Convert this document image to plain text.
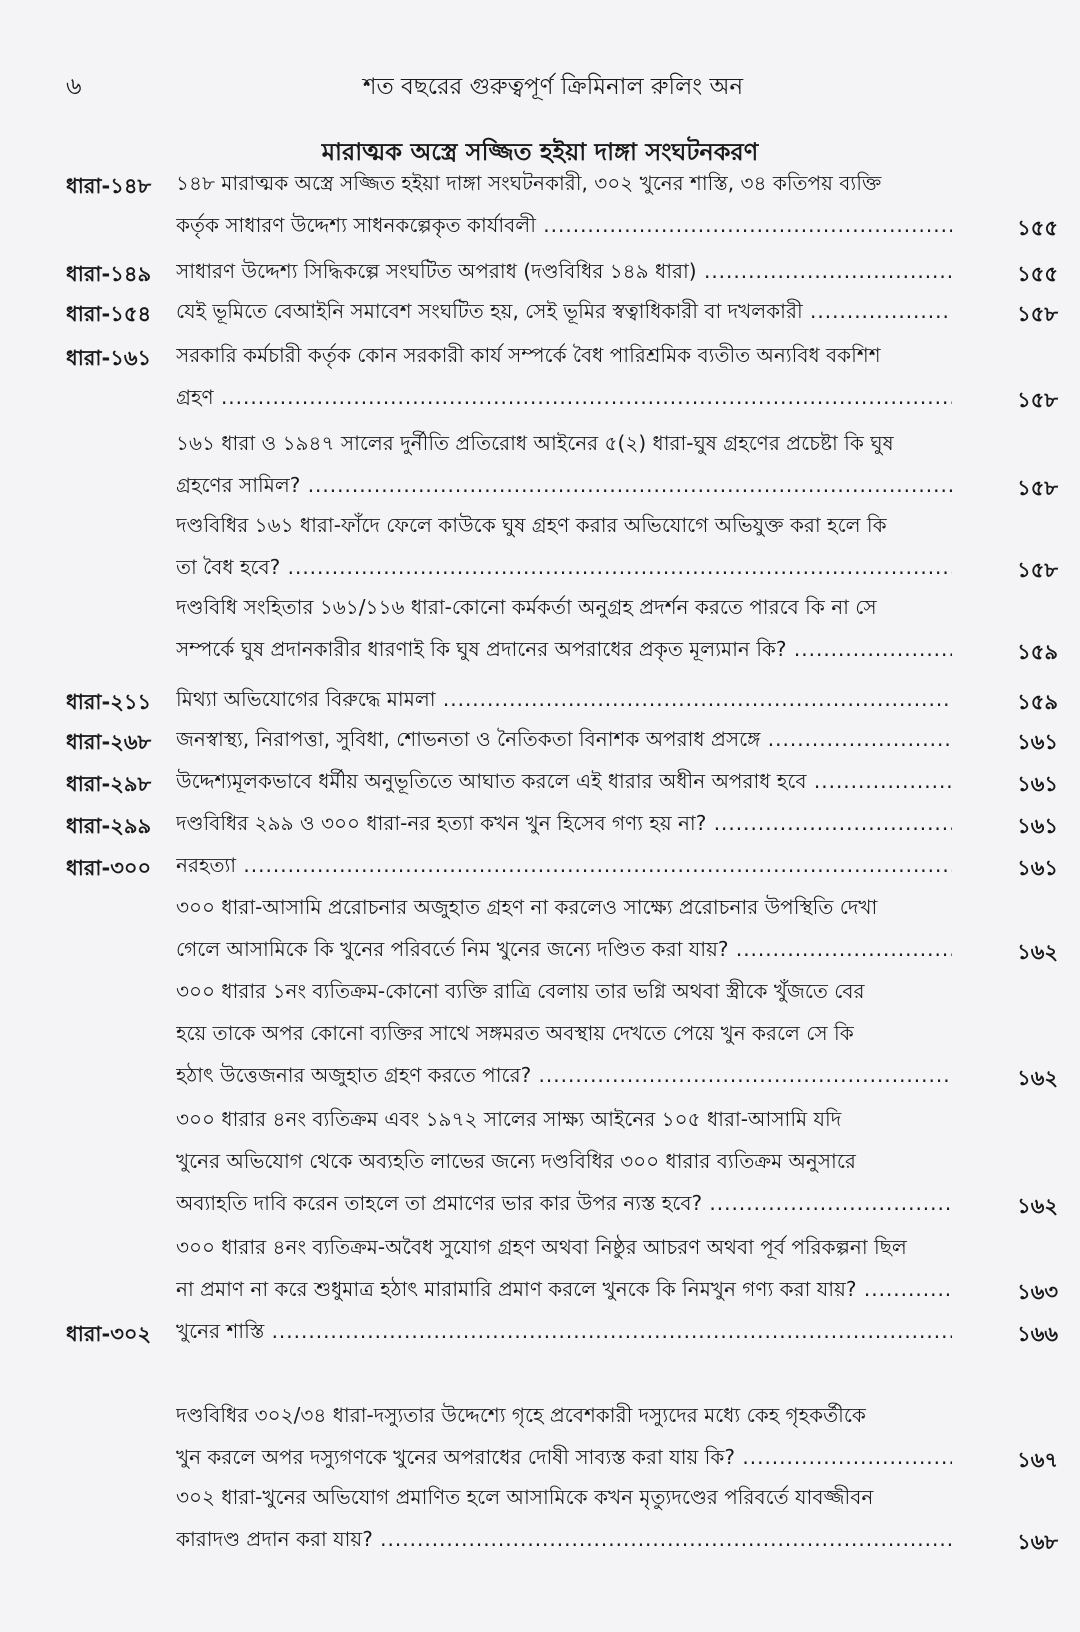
৬	শত বছরের গুরুত্বপূর্ণ ক্রিমিনাল রুলিং অন
মারাত্মক অস্ত্রে সজ্জিত হইয়া দাঙ্গা সংঘটনকরণ
ধারা-১৪৮	১৪৮ মারাত্মক অস্ত্রে সজ্জিত হইয়া দাঙ্গা সংঘটনকারী, ৩০২ খুনের শাস্তি, ৩৪ কতিপয় ব্যক্তি
কর্তৃক সাধারণ উদ্দেশ্য সাধনকল্পেকৃত কার্যাবলী .....	১৫৫
ধারা-১৪৯	সাধারণ উদ্দেশ্য সিদ্ধিকল্পে সংঘটিত অপরাধ (দণ্ডবিধির ১৪৯ ধারা) .....	১৫৫
ধারা-১৫৪	যেই ভূমিতে বেআইনি সমাবেশ সংঘটিত হয়, সেই ভূমির স্বত্বাধিকারী বা দখলকারী .....	১৫৮
ধারা-১৬১	সরকারি কর্মচারী কর্তৃক কোন সরকারী কার্য সম্পর্কে বৈধ পারিশ্রমিক ব্যতীত অন্যবিধ বকশিশ
গ্রহণ .....	১৫৮
১৬১ ধারা ও ১৯৪৭ সালের দুর্নীতি প্রতিরোধ আইনের ৫(২) ধারা-ঘুষ গ্রহণের প্রচেষ্টা কি ঘুষ
গ্রহণের সামিল? .....	১৫৮
দণ্ডবিধির ১৬১ ধারা-ফাঁদে ফেলে কাউকে ঘুষ গ্রহণ করার অভিযোগে অভিযুক্ত করা হলে কি
তা বৈধ হবে? .....	১৫৮
দণ্ডবিধি সংহিতার ১৬১/১১৬ ধারা-কোনো কর্মকর্তা অনুগ্রহ প্রদর্শন করতে পারবে কি না সে
সম্পর্কে ঘুষ প্রদানকারীর ধারণাই কি ঘুষ প্রদানের অপরাধের প্রকৃত মূল্যমান কি? .....	১৫৯
ধারা-২১১	মিথ্যা অভিযোগের বিরুদ্ধে মামলা .....	১৫৯
ধারা-২৬৮	জনস্বাস্থ্য, নিরাপত্তা, সুবিধা, শোভনতা ও নৈতিকতা বিনাশক অপরাধ প্রসঙ্গে .....	১৬১
ধারা-২৯৮	উদ্দেশ্যমূলকভাবে ধর্মীয় অনুভূতিতে আঘাত করলে এই ধারার অধীন অপরাধ হবে .....	১৬১
ধারা-২৯৯	দণ্ডবিধির ২৯৯ ও ৩০০ ধারা-নর হত্যা কখন খুন হিসেব গণ্য হয় না? .....	১৬১
ধারা-৩০০	নরহত্যা .....	১৬১
৩০০ ধারা-আসামি প্ররোচনার অজুহাত গ্রহণ না করলেও সাক্ষ্যে প্ররোচনার উপস্থিতি দেখা
গেলে আসামিকে কি খুনের পরিবর্তে নিম খুনের জন্যে দণ্ডিত করা যায়? .....	১৬২
৩০০ ধারার ১নং ব্যতিক্রম-কোনো ব্যক্তি রাত্রি বেলায় তার ভগ্নি অথবা স্ত্রীকে খুঁজতে বের
হয়ে তাকে অপর কোনো ব্যক্তির সাথে সঙ্গমরত অবস্থায় দেখতে পেয়ে খুন করলে সে কি
হঠাৎ উত্তেজনার অজুহাত গ্রহণ করতে পারে? .....	১৬২
৩০০ ধারার ৪নং ব্যতিক্রম এবং ১৯৭২ সালের সাক্ষ্য আইনের ১০৫ ধারা-আসামি যদি
খুনের অভিযোগ থেকে অব্যহতি লাভের জন্যে দণ্ডবিধির ৩০০ ধারার ব্যতিক্রম অনুসারে
অব্যাহতি দাবি করেন তাহলে তা প্রমাণের ভার কার উপর ন্যস্ত হবে? .....	১৬২
৩০০ ধারার ৪নং ব্যতিক্রম-অবৈধ সুযোগ গ্রহণ অথবা নিষ্ঠুর আচরণ অথবা পূর্ব পরিকল্পনা ছিল
না প্রমাণ না করে শুধুমাত্র হঠাৎ মারামারি প্রমাণ করলে খুনকে কি নিমখুন গণ্য করা যায়? .....	১৬৩
ধারা-৩০২	খুনের শাস্তি .....	১৬৬
দণ্ডবিধির ৩০২/৩৪ ধারা-দস্যুতার উদ্দেশ্যে গৃহে প্রবেশকারী দস্যুদের মধ্যে কেহ গৃহকর্তীকে
খুন করলে অপর দস্যুগণকে খুনের অপরাধের দোষী সাব্যস্ত করা যায় কি? .....	১৬৭
৩০২ ধারা-খুনের অভিযোগ প্রমাণিত হলে আসামিকে কখন মৃত্যুদণ্ডের পরিবর্তে যাবজ্জীবন
কারাদণ্ড প্রদান করা যায়? .....	১৬৮
